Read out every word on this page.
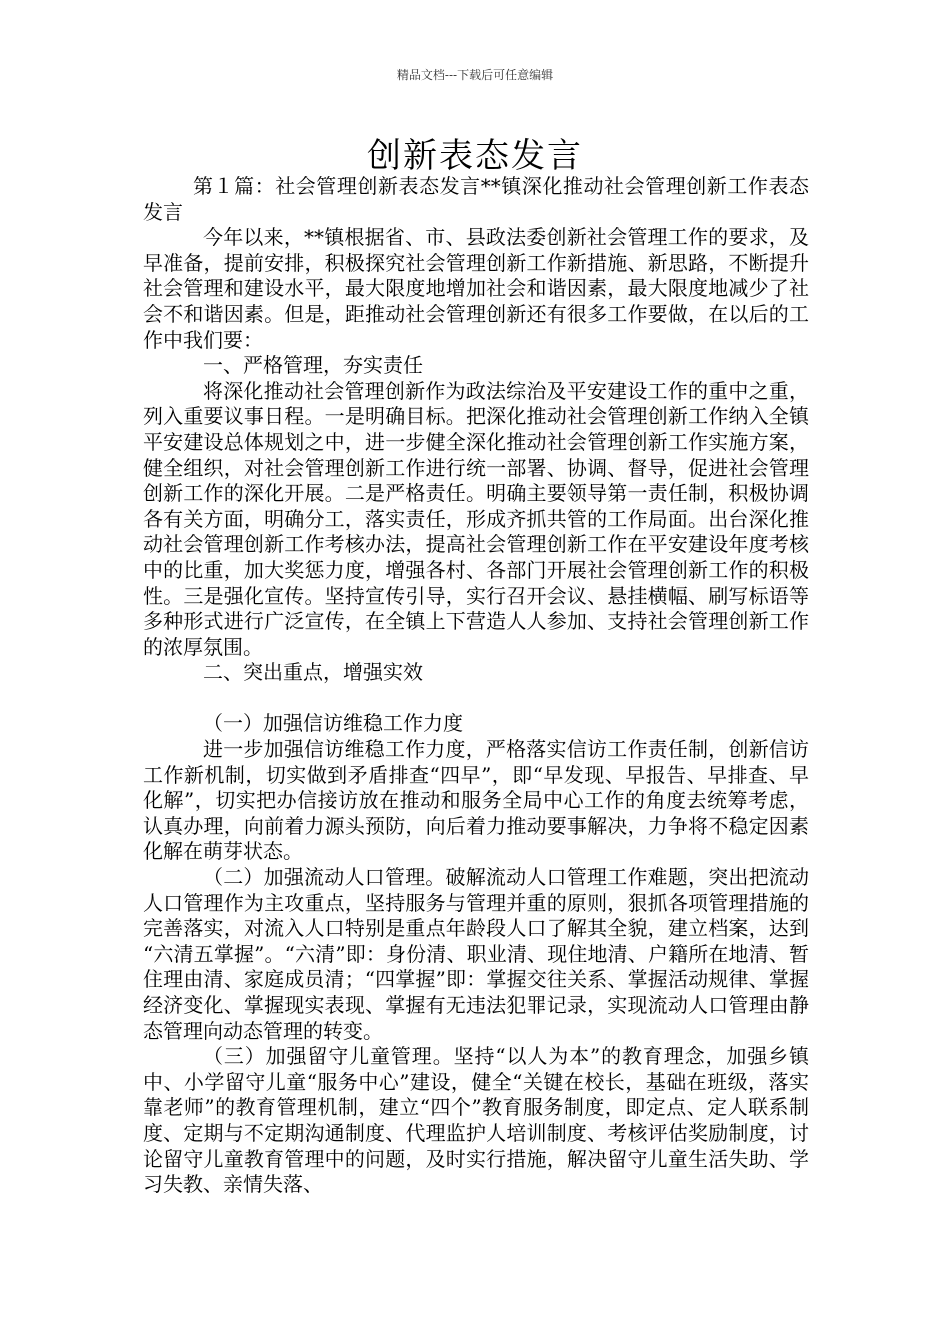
精品文档---下载后可任意编辑
创新表态发言

第１篇：社会管理创新表态发言**镇深化推动社会管理创新工作表态发言

今年以来，**镇根据省、市、县政法委创新社会管理工作的要求，及早准备，提前安排，积极探究社会管理创新工作新措施、新思路，不断提升社会管理和建设水平，最大限度地增加社会和谐因素，最大限度地减少了社会不和谐因素。但是，距推动社会管理创新还有很多工作要做，在以后的工作中我们要：

一、严格管理，夯实责任

将深化推动社会管理创新作为政法综治及平安建设工作的重中之重，列入重要议事日程。一是明确目标。把深化推动社会管理创新工作纳入全镇平安建设总体规划之中，进一步健全深化推动社会管理创新工作实施方案，健全组织，对社会管理创新工作进行统一部署、协调、督导，促进社会管理创新工作的深化开展。二是严格责任。明确主要领导第一责任制，积极协调各有关方面，明确分工，落实责任，形成齐抓共管的工作局面。出台深化推动社会管理创新工作考核办法，提高社会管理创新工作在平安建设年度考核中的比重，加大奖惩力度，增强各村、各部门开展社会管理创新工作的积极性。三是强化宣传。坚持宣传引导，实行召开会议、悬挂横幅、刷写标语等多种形式进行广泛宣传，在全镇上下营造人人参加、支持社会管理创新工作的浓厚氛围。

二、突出重点，增强实效

（一）加强信访维稳工作力度

进一步加强信访维稳工作力度，严格落实信访工作责任制，创新信访工作新机制，切实做到矛盾排查“四早”，即“早发现、早报告、早排查、早化解”，切实把办信接访放在推动和服务全局中心工作的角度去统筹考虑，认真办理，向前着力源头预防，向后着力推动要事解决，力争将不稳定因素化解在萌芽状态。

（二）加强流动人口管理。破解流动人口管理工作难题，突出把流动人口管理作为主攻重点，坚持服务与管理并重的原则，狠抓各项管理措施的完善落实，对流入人口特别是重点年龄段人口了解其全貌，建立档案，达到 “六清五掌握”。“六清”即：身份清、职业清、现住地清、户籍所在地清、暂住理由清、家庭成员清；“四掌握”即：掌握交往关系、掌握活动规律、掌握经济变化、掌握现实表现、掌握有无违法犯罪记录，实现流动人口管理由静态管理向动态管理的转变。

（三）加强留守儿童管理。坚持“以人为本”的教育理念，加强乡镇中、小学留守儿童“服务中心”建设，健全“关键在校长，基础在班级，落实靠老师”的教育管理机制，建立“四个”教育服务制度，即定点、定人联系制度、定期与不定期沟通制度、代理监护人培训制度、考核评估奖励制度，讨论留守儿童教育管理中的问题，及时实行措施，解决留守儿童生活失助、学习失教、亲情失落、
